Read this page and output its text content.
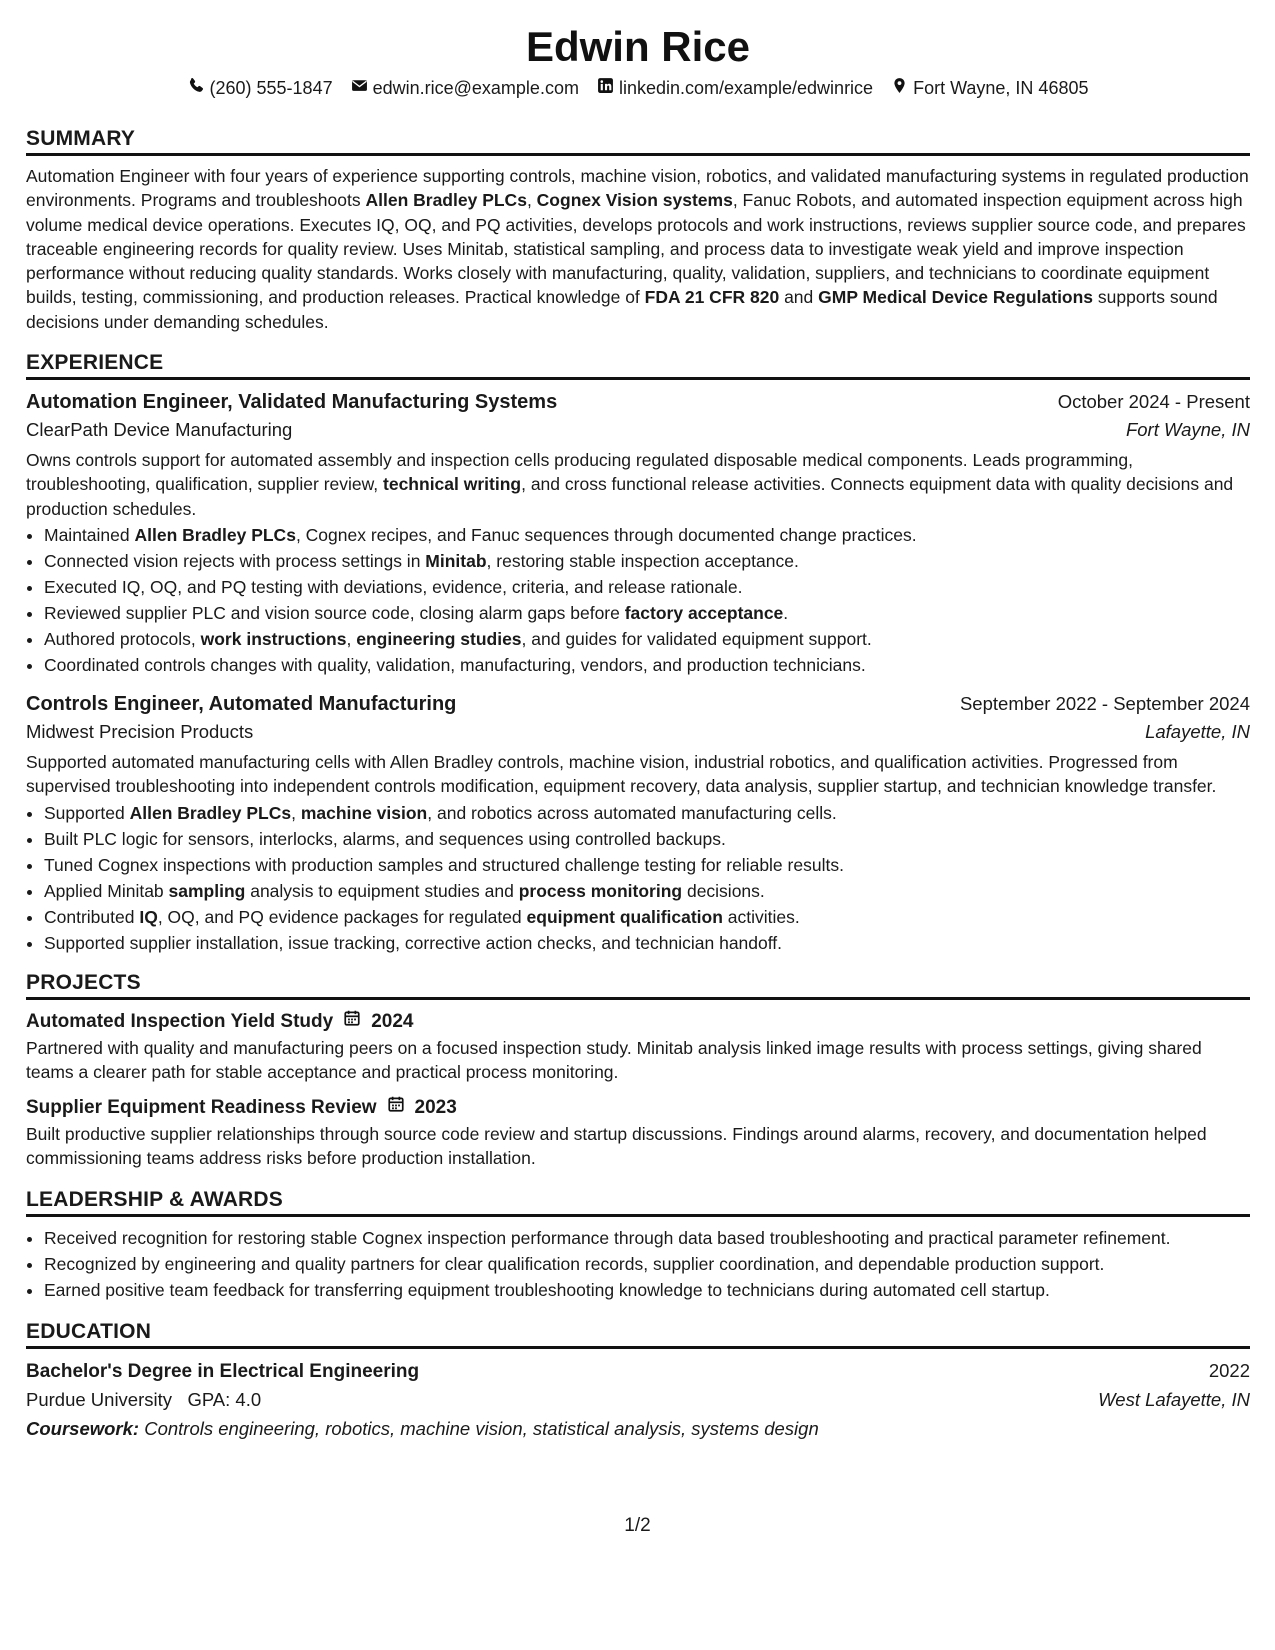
Edwin Rice
(260) 555-1847 edwin.rice@example.com linkedin.com/example/edwinrice Fort Wayne, IN 46805
SUMMARY

Automation Engineer with four years of experience supporting controls, machine vision, robotics, and validated manufacturing systems in regulated production environments. Programs and troubleshoots Allen Bradley PLCs, Cognex Vision systems, Fanuc Robots, and automated inspection equipment across high volume medical device operations. Executes IQ, OQ, and PQ activities, develops protocols and work instructions, reviews supplier source code, and prepares traceable engineering records for quality review. Uses Minitab, statistical sampling, and process data to investigate weak yield and improve inspection performance without reducing quality standards. Works closely with manufacturing, quality, validation, suppliers, and technicians to coordinate equipment builds, testing, commissioning, and production releases. Practical knowledge of FDA 21 CFR 820 and GMP Medical Device Regulations supports sound decisions under demanding schedules.

EXPERIENCE
Automation Engineer, Validated Manufacturing Systems	October 2024 - Present
ClearPath Device Manufacturing	Fort Wayne, IN

Owns controls support for automated assembly and inspection cells producing regulated disposable medical components. Leads programming, troubleshooting, qualification, supplier review, technical writing, and cross functional release activities. Connects equipment data with quality decisions and production schedules.

• Maintained Allen Bradley PLCs, Cognex recipes, and Fanuc sequences through documented change practices.
• Connected vision rejects with process settings in Minitab, restoring stable inspection acceptance.
• Executed IQ, OQ, and PQ testing with deviations, evidence, criteria, and release rationale.
• Reviewed supplier PLC and vision source code, closing alarm gaps before factory acceptance.
• Authored protocols, work instructions, engineering studies, and guides for validated equipment support.
• Coordinated controls changes with quality, validation, manufacturing, vendors, and production technicians.
Controls Engineer, Automated Manufacturing	September 2022 - September 2024
Midwest Precision Products	Lafayette, IN

Supported automated manufacturing cells with Allen Bradley controls, machine vision, industrial robotics, and qualification activities. Progressed from supervised troubleshooting into independent controls modification, equipment recovery, data analysis, supplier startup, and technician knowledge transfer.

• Supported Allen Bradley PLCs, machine vision, and robotics across automated manufacturing cells.
• Built PLC logic for sensors, interlocks, alarms, and sequences using controlled backups.
• Tuned Cognex inspections with production samples and structured challenge testing for reliable results.
• Applied Minitab sampling analysis to equipment studies and process monitoring decisions.
• Contributed IQ, OQ, and PQ evidence packages for regulated equipment qualification activities.
• Supported supplier installation, issue tracking, corrective action checks, and technician handoff.
PROJECTS
Automated Inspection Yield Study 2024

Partnered with quality and manufacturing peers on a focused inspection study. Minitab analysis linked image results with process settings, giving shared teams a clearer path for stable acceptance and practical process monitoring.

Supplier Equipment Readiness Review 2023

Built productive supplier relationships through source code review and startup discussions. Findings around alarms, recovery, and documentation helped commissioning teams address risks before production installation.

LEADERSHIP & AWARDS
• Received recognition for restoring stable Cognex inspection performance through data based troubleshooting and practical parameter refinement.
• Recognized by engineering and quality partners for clear qualification records, supplier coordination, and dependable production support.
• Earned positive team feedback for transferring equipment troubleshooting knowledge to technicians during automated cell startup.
EDUCATION
Bachelor's Degree in Electrical Engineering	2022
Purdue University GPA: 4.0	West Lafayette, IN
Coursework: Controls engineering, robotics, machine vision, statistical analysis, systems design
1/2
